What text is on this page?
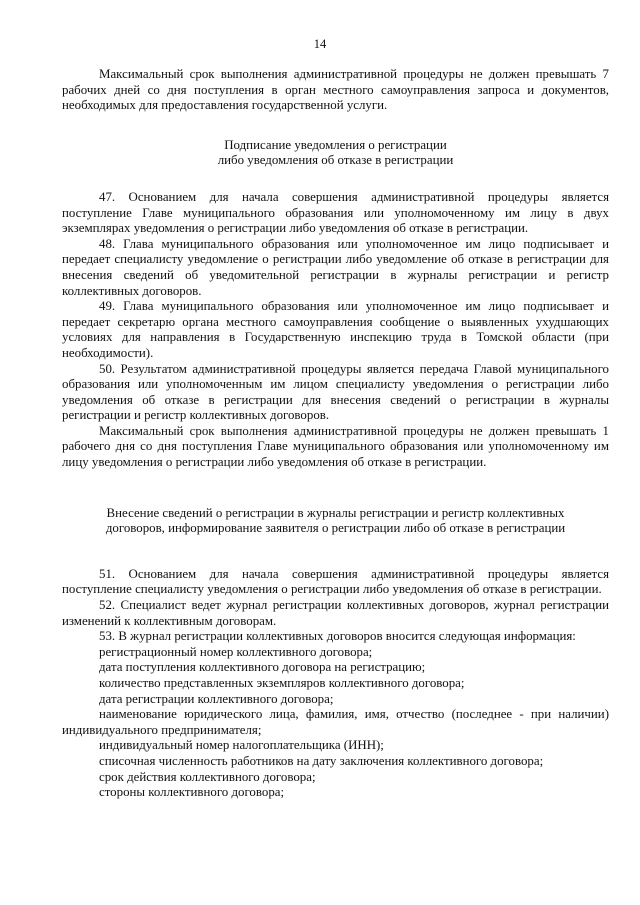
14

Максимальный срок выполнения административной процедуры не должен превышать 7 рабочих дней со дня поступления в орган местного самоуправления запроса и документов, необходимых для предоставления государственной услуги.

Подписание уведомления о регистрации
либо уведомления об отказе в регистрации

47. Основанием для начала совершения административной процедуры является поступление Главе муниципального образования или уполномоченному им лицу в двух экземплярах уведомления о регистрации либо уведомления об отказе в регистрации.

48. Глава муниципального образования или уполномоченное им лицо подписывает и передает специалисту уведомление о регистрации либо уведомление об отказе в регистрации для внесения сведений об уведомительной регистрации в журналы регистрации и регистр коллективных договоров.

49. Глава муниципального образования или уполномоченное им лицо подписывает и передает секретарю органа местного самоуправления сообщение о выявленных ухудшающих условиях для направления в Государственную инспекцию труда в Томской области (при необходимости).

50. Результатом административной процедуры является передача Главой муниципального образования или уполномоченным им лицом специалисту уведомления о регистрации либо уведомления об отказе в регистрации для внесения сведений о регистрации в журналы регистрации и регистр коллективных договоров.

Максимальный срок выполнения административной процедуры не должен превышать 1 рабочего дня со дня поступления Главе муниципального образования или уполномоченному им лицу уведомления о регистрации либо уведомления об отказе в регистрации.

Внесение сведений о регистрации в журналы регистрации и регистр коллективных
договоров, информирование заявителя о регистрации либо об отказе в регистрации

51. Основанием для начала совершения административной процедуры является поступление специалисту уведомления о регистрации либо уведомления об отказе в регистрации.

52. Специалист ведет журнал регистрации коллективных договоров, журнал регистрации изменений к коллективным договорам.

53. В журнал регистрации коллективных договоров вносится следующая информация:

регистрационный номер коллективного договора;

дата поступления коллективного договора на регистрацию;

количество представленных экземпляров коллективного договора;

дата регистрации коллективного договора;

наименование юридического лица, фамилия, имя, отчество (последнее - при наличии) индивидуального предпринимателя;

индивидуальный номер налогоплательщика (ИНН);

списочная численность работников на дату заключения коллективного договора;

срок действия коллективного договора;

стороны коллективного договора;
